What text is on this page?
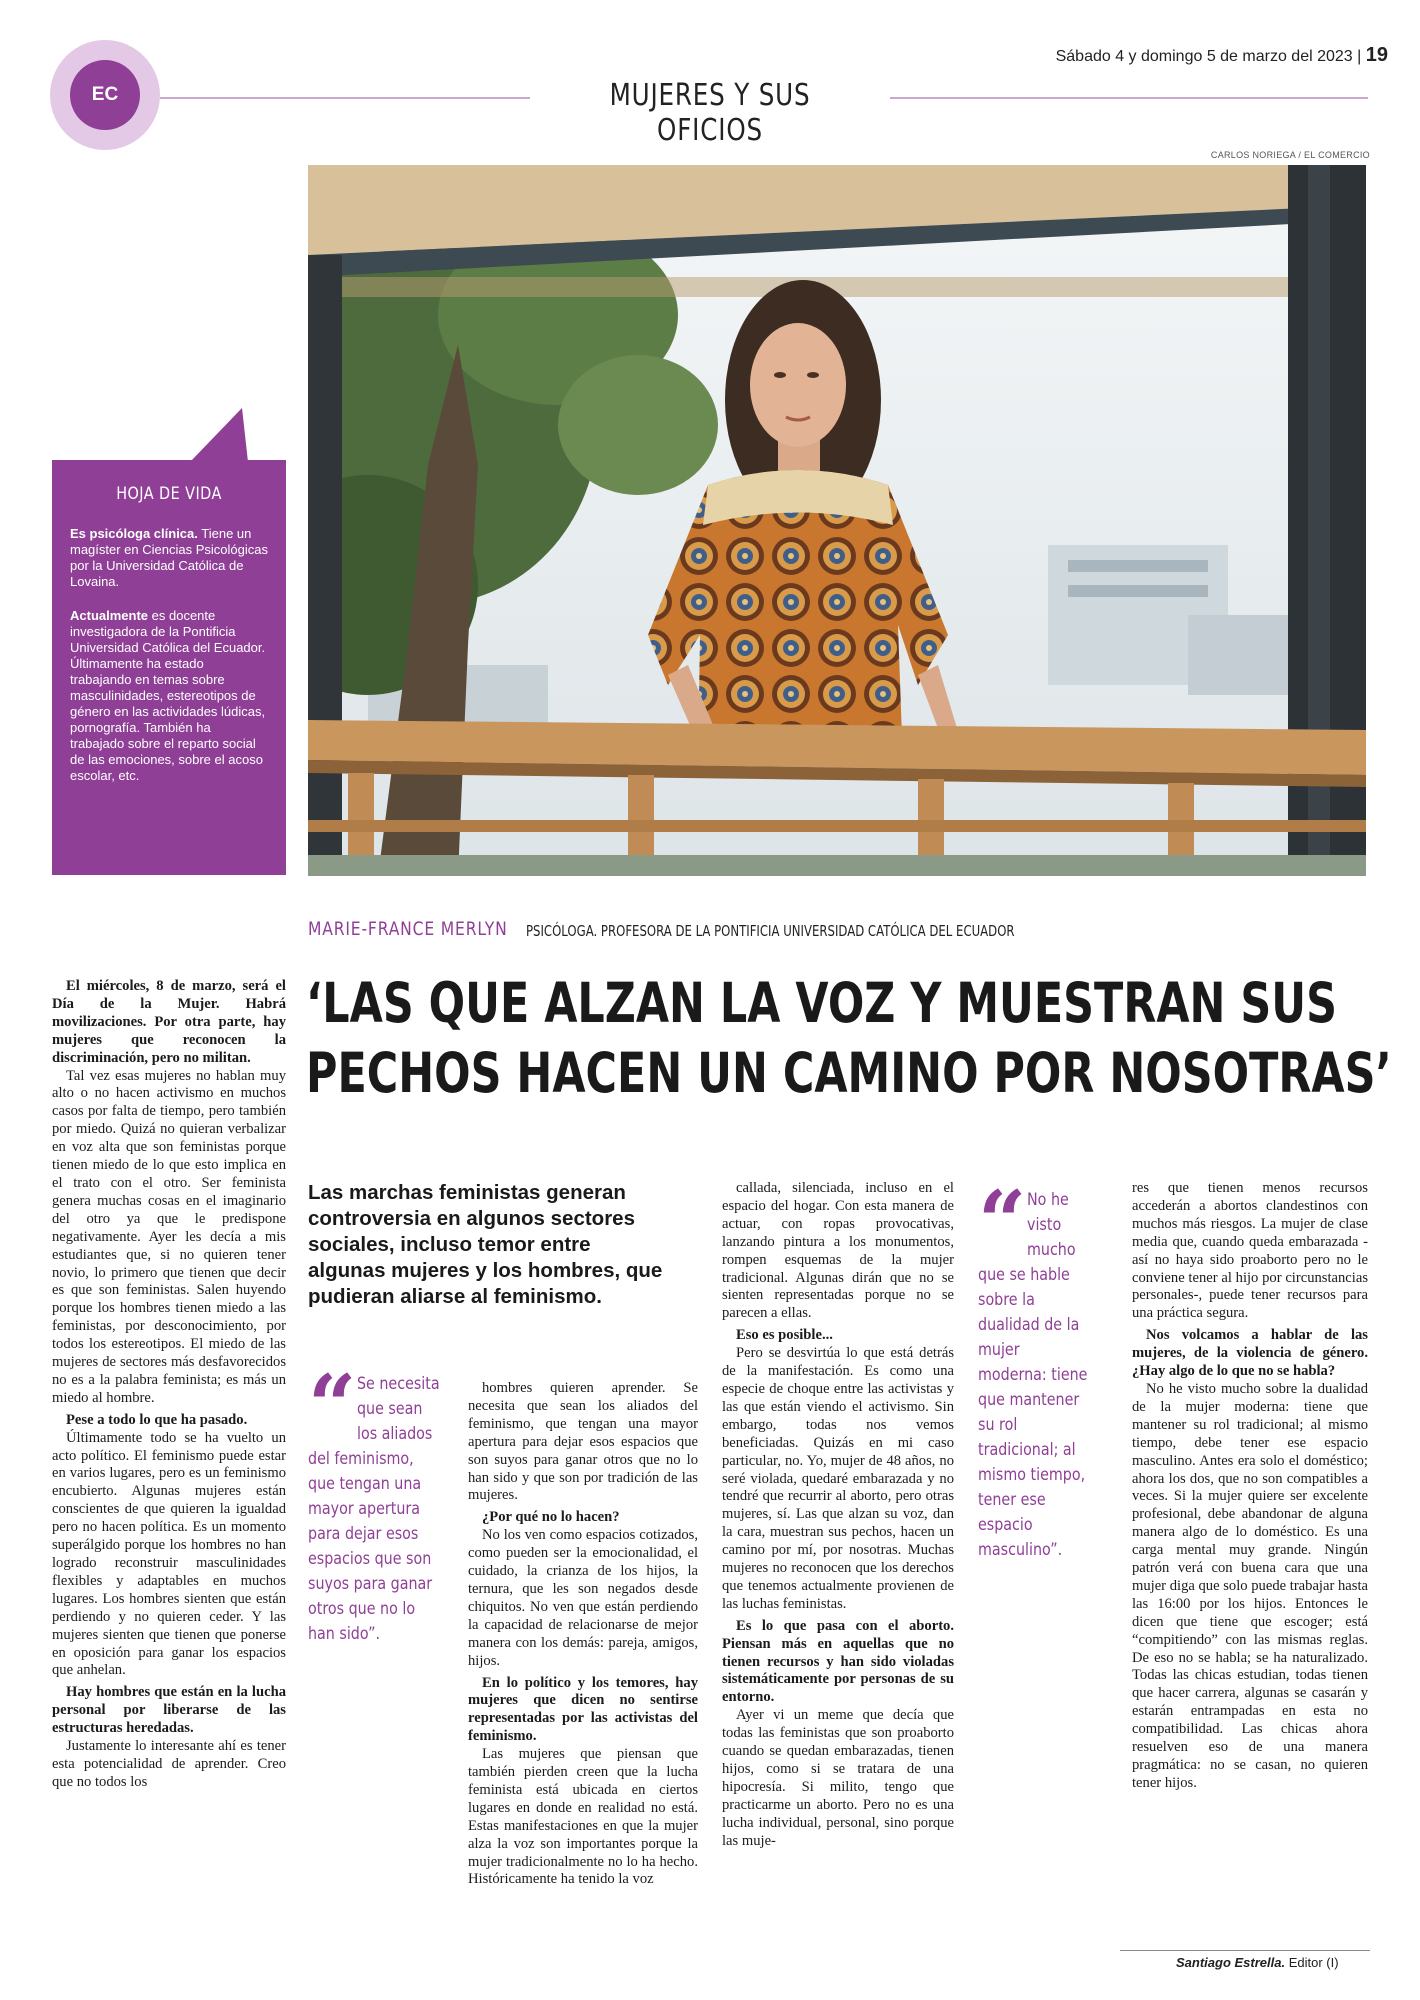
EC	MUJERES Y SUS OFICIOS
Sábado 4 y domingo 5 de marzo del 2023 | 19
CARLOS NORIEGA / EL COMERCIO
HOJA DE VIDA

Es psicóloga clínica. Tiene un magíster en Ciencias Psicológicas por la Universidad Católica de Lovaina.

Actualmente es docente investigadora de la Pontificia Universidad Católica del Ecuador. Últimamente ha estado trabajando en temas sobre masculinidades, estereotipos de género en las actividades lúdicas, pornografía. También ha trabajado sobre el reparto social de las emociones, sobre el acoso escolar, etc.

MARIE-FRANCE MERLYN PSICÓLOGA. PROFESORA DE LA PONTIFICIA UNIVERSIDAD CATÓLICA DEL ECUADOR
‘LAS QUE ALZAN LA VOZ Y MUESTRAN SUS
PECHOS HACEN UN CAMINO POR NOSOTRAS’

El miércoles, 8 de marzo, será el Día de la Mujer. Habrá movilizaciones. Por otra parte, hay mujeres que reconocen la discriminación, pero no militan.

Tal vez esas mujeres no hablan muy alto o no hacen activismo en muchos casos por falta de tiempo, pero también por miedo. Quizá no quieran verbalizar en voz alta que son feministas porque tienen miedo de lo que esto implica en el trato con el otro. Ser feminista genera muchas cosas en el imaginario del otro ya que le predispone negativamente. Ayer les decía a mis estudiantes que, si no quieren tener novio, lo primero que tienen que decir es que son feministas. Salen huyendo porque los hombres tienen miedo a las feministas, por desconocimiento, por todos los estereotipos. El miedo de las mujeres de sectores más desfavorecidos no es a la palabra feminista; es más un miedo al hombre.

Pese a todo lo que ha pasado.

Últimamente todo se ha vuelto un acto político. El feminismo puede estar en varios lugares, pero es un feminismo encubierto. Algunas mujeres están conscientes de que quieren la igualdad pero no hacen política. Es un momento superálgido porque los hombres no han logrado reconstruir masculinidades flexibles y adaptables en muchos lugares. Los hombres sienten que están perdiendo y no quieren ceder. Y las mujeres sienten que tienen que ponerse en oposición para ganar los espacios que anhelan.

Hay hombres que están en la lucha personal por liberarse de las estructuras heredadas.

Justamente lo interesante ahí es tener esta potencialidad de aprender. Creo que no todos los

Las marchas feministas generan controversia en algunos sectores sociales, incluso temor entre algunas mujeres y los hombres, que pudieran aliarse al feminismo.
“ Se necesita que sean los aliados del feminismo, que tengan una mayor apertura para dejar esos espacios que son suyos para ganar otros que no lo han sido”.

hombres quieren aprender. Se necesita que sean los aliados del feminismo, que tengan una mayor apertura para dejar esos espacios que son suyos para ganar otros que no lo han sido y que son por tradición de las mujeres.

¿Por qué no lo hacen?

No los ven como espacios cotizados, como pueden ser la emocionalidad, el cuidado, la crianza de los hijos, la ternura, que les son negados desde chiquitos. No ven que están perdiendo la capacidad de relacionarse de mejor manera con los demás: pareja, amigos, hijos.

En lo político y los temores, hay mujeres que dicen no sentirse representadas por las activistas del feminismo.

Las mujeres que piensan que también pierden creen que la lucha feminista está ubicada en ciertos lugares en donde en realidad no está. Estas manifestaciones en que la mujer alza la voz son importantes porque la mujer tradicionalmente no lo ha hecho. Históricamente ha tenido la voz

callada, silenciada, incluso en el espacio del hogar. Con esta manera de actuar, con ropas provocativas, lanzando pintura a los monumentos, rompen esquemas de la mujer tradicional. Algunas dirán que no se sienten representadas porque no se parecen a ellas.

Eso es posible...

Pero se desvirtúa lo que está detrás de la manifestación. Es como una especie de choque entre las activistas y las que están viendo el activismo. Sin embargo, todas nos vemos beneficiadas. Quizás en mi caso particular, no. Yo, mujer de 48 años, no seré violada, quedaré embarazada y no tendré que recurrir al aborto, pero otras mujeres, sí. Las que alzan su voz, dan la cara, muestran sus pechos, hacen un camino por mí, por nosotras. Muchas mujeres no reconocen que los derechos que tenemos actualmente provienen de las luchas feministas.

Es lo que pasa con el aborto. Piensan más en aquellas que no tienen recursos y han sido violadas sistemáticamente por personas de su entorno.

Ayer vi un meme que decía que todas las feministas que son proaborto cuando se quedan embarazadas, tienen hijos, como si se tratara de una hipocresía. Si milito, tengo que practicarme un aborto. Pero no es una lucha individual, personal, sino porque las muje-

“ No he visto mucho que se hable sobre la dualidad de la mujer moderna: tiene que mantener su rol tradicional; al mismo tiempo, tener ese espacio masculino”.

res que tienen menos recursos accederán a abortos clandestinos con muchos más riesgos. La mujer de clase media que, cuando queda embarazada -así no haya sido proaborto pero no le conviene tener al hijo por circunstancias personales-, puede tener recursos para una práctica segura.

Nos volcamos a hablar de las mujeres, de la violencia de género. ¿Hay algo de lo que no se habla?

No he visto mucho sobre la dualidad de la mujer moderna: tiene que mantener su rol tradicional; al mismo tiempo, debe tener ese espacio masculino. Antes era solo el doméstico; ahora los dos, que no son compatibles a veces. Si la mujer quiere ser excelente profesional, debe abandonar de alguna manera algo de lo doméstico. Es una carga mental muy grande. Ningún patrón verá con buena cara que una mujer diga que solo puede trabajar hasta las 16:00 por los hijos. Entonces le dicen que tiene que escoger; está “compitiendo” con las mismas reglas. De eso no se habla; se ha naturalizado. Todas las chicas estudian, todas tienen que hacer carrera, algunas se casarán y estarán entrampadas en esta no compatibilidad. Las chicas ahora resuelven eso de una manera pragmática: no se casan, no quieren tener hijos.

Santiago Estrella. Editor (I)
